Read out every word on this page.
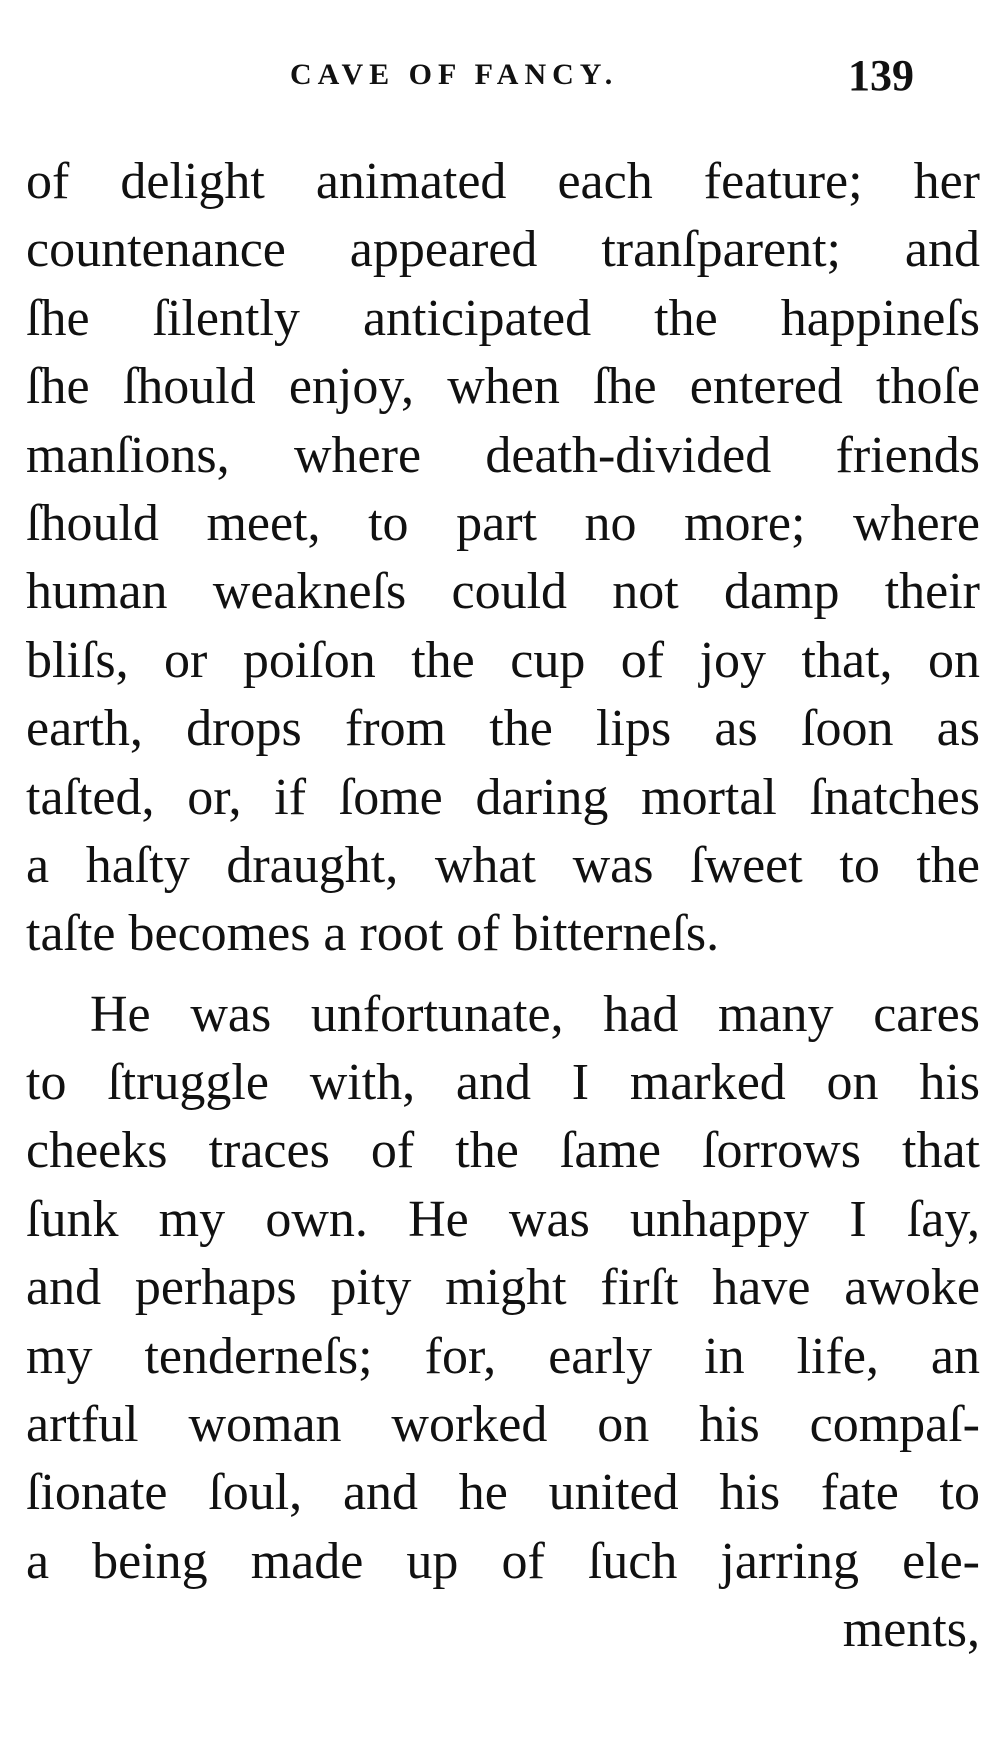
CAVE OF FANCY.	139
of delight animated each feature; her
countenance appeared tranſparent; and
ſhe ſilently anticipated the happineſs
ſhe ſhould enjoy, when ſhe entered thoſe
manſions, where death-divided friends
ſhould meet, to part no more; where
human weakneſs could not damp their
bliſs, or poiſon the cup of joy that, on
earth, drops from the lips as ſoon as
taſted, or, if ſome daring mortal ſnatches
a haſty draught, what was ſweet to the
taſte becomes a root of bitterneſs.
He was unfortunate, had many cares
to ſtruggle with, and I marked on his
cheeks traces of the ſame ſorrows that
ſunk my own. He was unhappy I ſay,
and perhaps pity might firſt have awoke
my tenderneſs; for, early in life, an
artful woman worked on his compaſ-
ſionate ſoul, and he united his fate to
a being made up of ſuch jarring ele-
ments,
